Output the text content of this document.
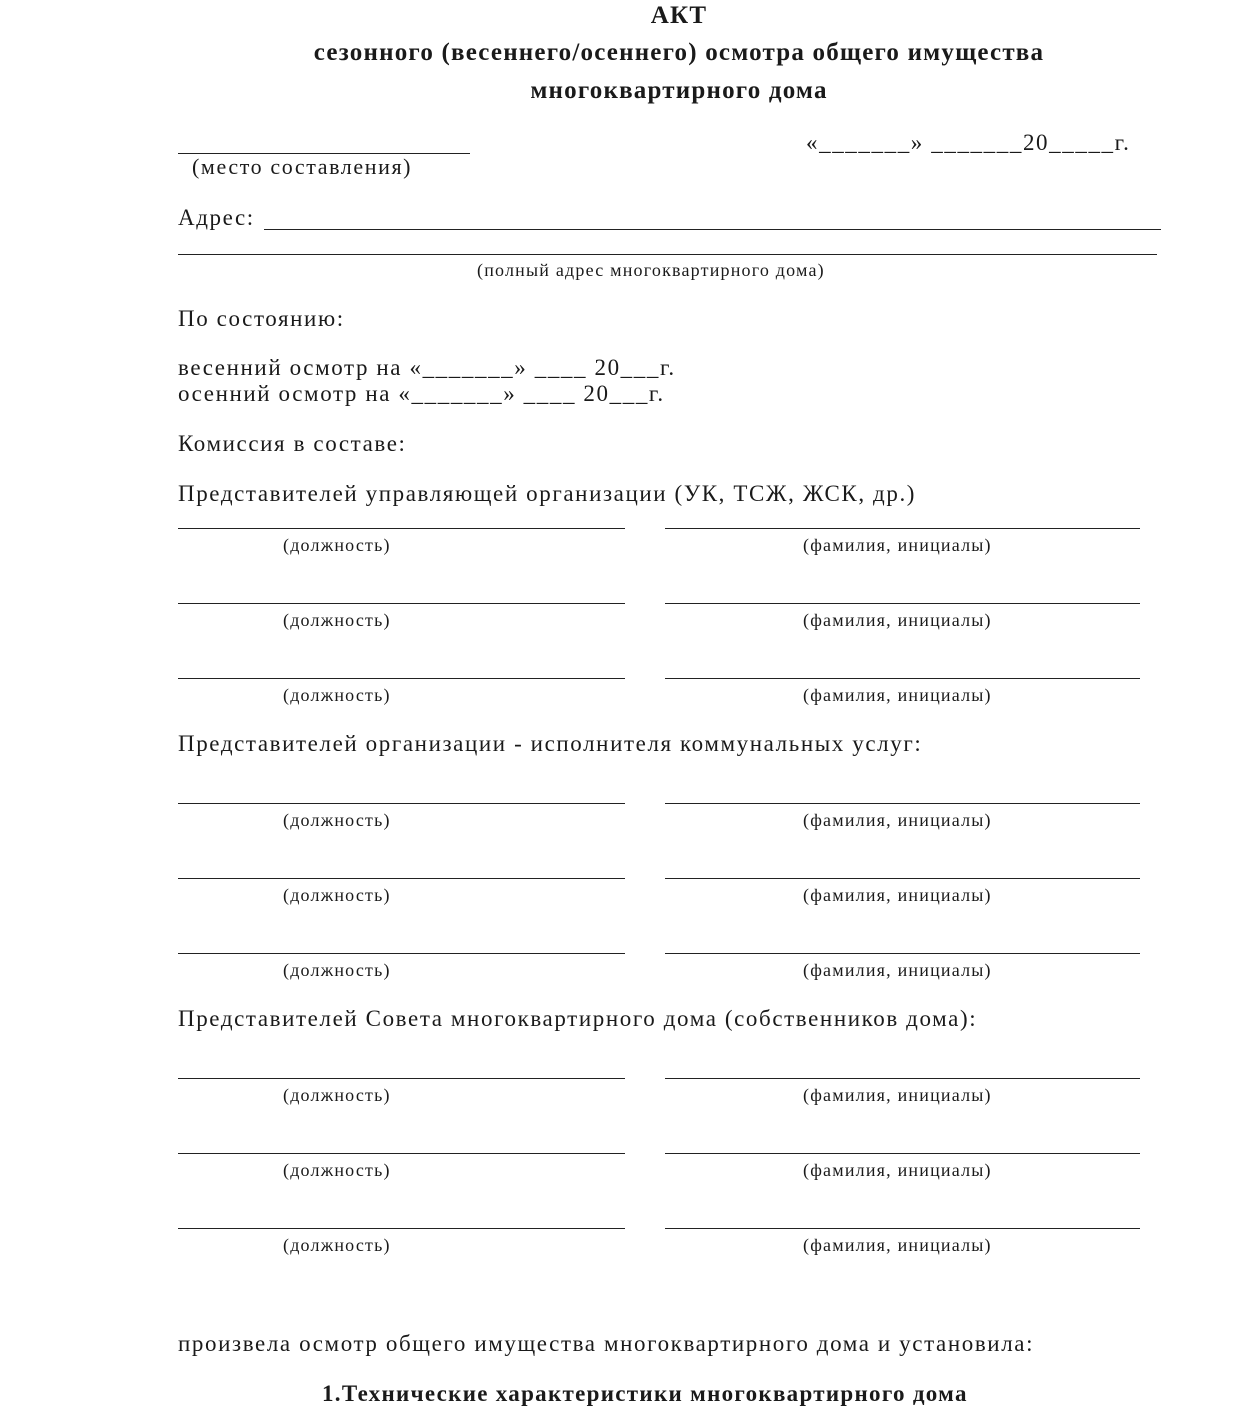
АКТ
сезонного (весеннего/осеннего) осмотра общего имущества
многоквартирного дома
(место составления)
«_______» _______20_____г.
Адрес:
(полный адрес многоквартирного дома)
По состоянию:
весенний осмотр на «_______» ____ 20___г.
осенний осмотр на «_______» ____ 20___г.
Комиссия в составе:
Представителей управляющей организации (УК, ТСЖ, ЖСК, др.)
(должность)	(фамилия, инициалы)
(должность)	(фамилия, инициалы)
(должность)	(фамилия, инициалы)
Представителей организации - исполнителя коммунальных услуг:
(должность)	(фамилия, инициалы)
(должность)	(фамилия, инициалы)
(должность)	(фамилия, инициалы)
Представителей Совета многоквартирного дома (собственников дома):
(должность)	(фамилия, инициалы)
(должность)	(фамилия, инициалы)
(должность)	(фамилия, инициалы)
произвела осмотр общего имущества многоквартирного дома и установила:
1.Технические характеристики многоквартирного дома
